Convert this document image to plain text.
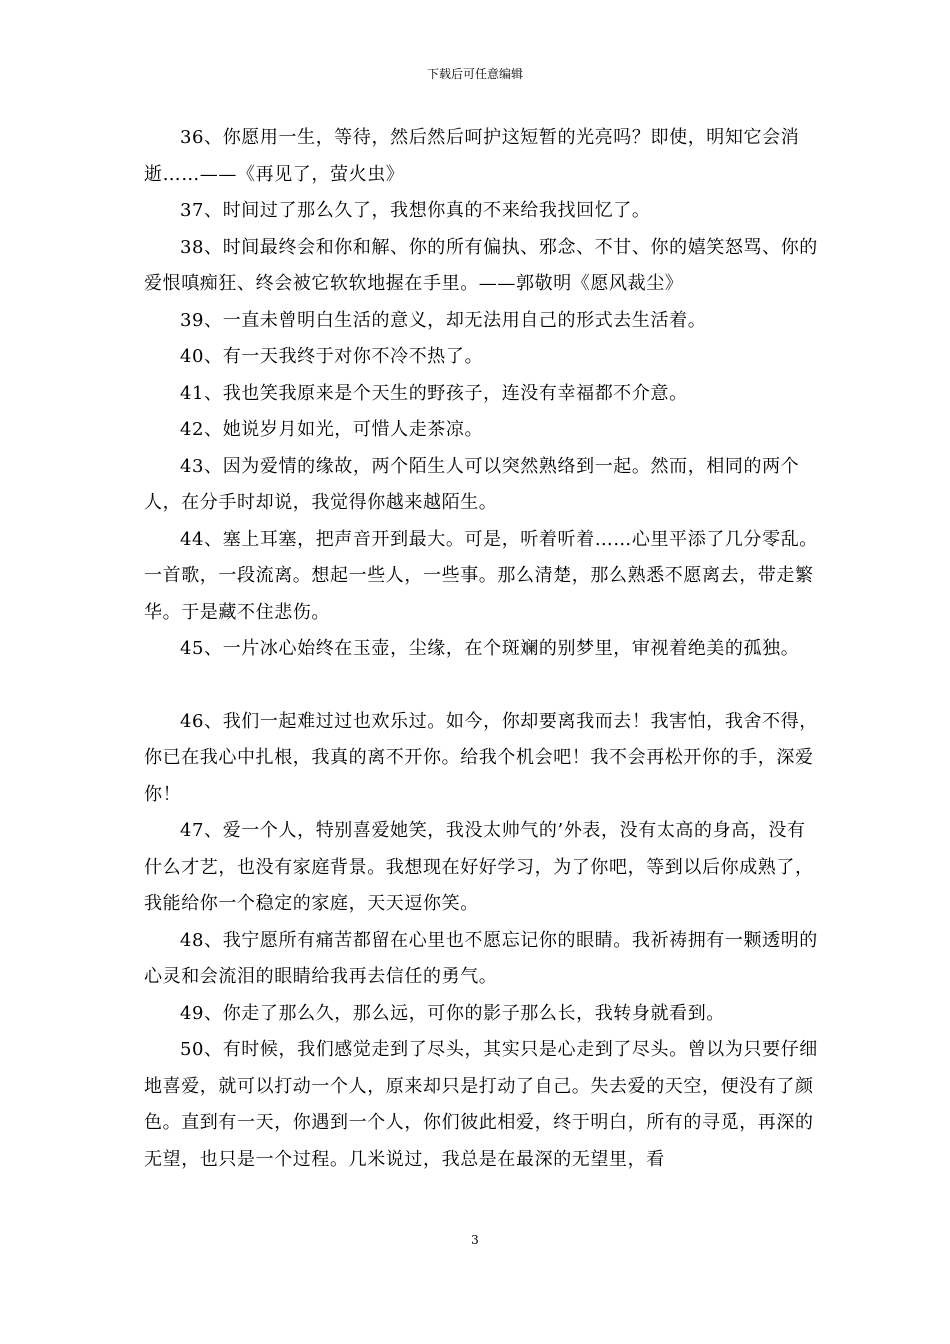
下载后可任意编辑

36、你愿用一生，等待，然后然后呵护这短暂的光亮吗？即使，明知它会消逝……——《再见了，萤火虫》

37、时间过了那么久了，我想你真的不来给我找回忆了。

38、时间最终会和你和解、你的所有偏执、邪念、不甘、你的嬉笑怒骂、你的爱恨嗔痴狂、终会被它软软地握在手里。——郭敬明《愿风裁尘》

39、一直未曾明白生活的意义，却无法用自己的形式去生活着。

40、有一天我终于对你不冷不热了。

41、我也笑我原来是个天生的野孩子，连没有幸福都不介意。

42、她说岁月如光，可惜人走茶凉。

43、因为爱情的缘故，两个陌生人可以突然熟络到一起。然而，相同的两个人，在分手时却说，我觉得你越来越陌生。

44、塞上耳塞，把声音开到最大。可是，听着听着……心里平添了几分零乱。一首歌，一段流离。想起一些人，一些事。那么清楚，那么熟悉不愿离去，带走繁华。于是藏不住悲伤。

45、一片冰心始终在玉壶，尘缘，在个斑斓的别梦里，审视着绝美的孤独。

46、我们一起难过过也欢乐过。如今，你却要离我而去！我害怕，我舍不得，你已在我心中扎根，我真的离不开你。给我个机会吧！我不会再松开你的手，深爱你！

47、爱一个人，特别喜爱她笑，我没太帅气的’外表，没有太高的身高，没有什么才艺，也没有家庭背景。我想现在好好学习，为了你吧，等到以后你成熟了，我能给你一个稳定的家庭，天天逗你笑。

48、我宁愿所有痛苦都留在心里也不愿忘记你的眼睛。我祈祷拥有一颗透明的心灵和会流泪的眼睛给我再去信任的勇气。

49、你走了那么久，那么远，可你的影子那么长，我转身就看到。

50、有时候，我们感觉走到了尽头，其实只是心走到了尽头。曾以为只要仔细地喜爱，就可以打动一个人，原来却只是打动了自己。失去爱的天空，便没有了颜色。直到有一天，你遇到一个人，你们彼此相爱，终于明白，所有的寻觅，再深的无望，也只是一个过程。几米说过，我总是在最深的无望里，看

3
